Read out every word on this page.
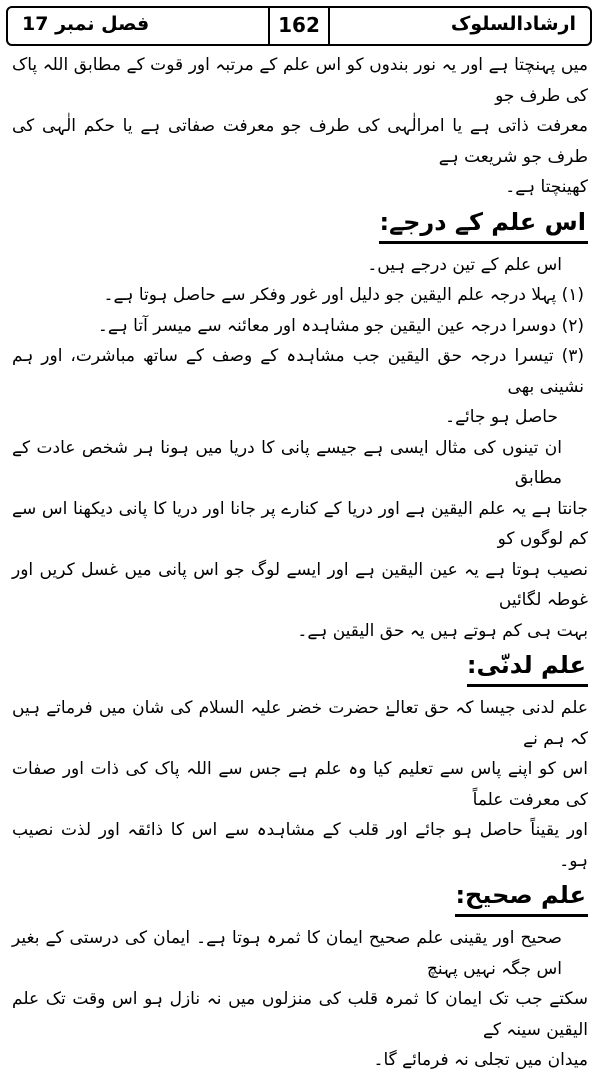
فصل نمبر 17	162	ارشادالسلوک

میں پہنچتا ہے اور یہ نور بندوں کو اس علم کے مرتبہ اور قوت کے مطابق اللہ پاک کی طرف جو

معرفت ذاتی ہے یا امرالٰہی کی طرف جو معرفت صفاتی ہے یا حکم الٰہی کی طرف جو شریعت ہے

کھینچتا ہے۔

اس علم کے درجے:

اس علم کے تین درجے ہیں۔

(۱) پہلا درجہ علم الیقین جو دلیل اور غور وفکر سے حاصل ہوتا ہے۔

(۲) دوسرا درجہ عین الیقین جو مشاہدہ اور معائنہ سے میسر آتا ہے۔

(۳) تیسرا درجہ حق الیقین جب مشاہدہ کے وصف کے ساتھ مباشرت، اور ہم نشینی بھی

حاصل ہو جائے۔

ان تینوں کی مثال ایسی ہے جیسے پانی کا دریا میں ہونا ہر شخص عادت کے مطابق

جانتا ہے یہ علم الیقین ہے اور دریا کے کنارے پر جانا اور دریا کا پانی دیکھنا اس سے کم لوگوں کو

نصیب ہوتا ہے یہ عین الیقین ہے اور ایسے لوگ جو اس پانی میں غسل کریں اور غوطہ لگائیں

بہت ہی کم ہوتے ہیں یہ حق الیقین ہے۔

علم لدنّی:

علم لدنی جیسا کہ حق تعالےٰ حضرت خضر علیہ السلام کی شان میں فرماتے ہیں کہ ہم نے

اس کو اپنے پاس سے تعلیم کیا وہ علم ہے جس سے اللہ پاک کی ذات اور صفات کی معرفت علماً

اور یقیناً حاصل ہو جائے اور قلب کے مشاہدہ سے اس کا ذائقہ اور لذت نصیب ہو۔

علم صحیح:

صحیح اور یقینی علم صحیح ایمان کا ثمرہ ہوتا ہے۔ ایمان کی درستی کے بغیر اس جگہ نہیں پہنچ

سکتے جب تک ایمان کا ثمرہ قلب کی منزلوں میں نہ نازل ہو اس وقت تک علم الیقین سینہ کے

میدان میں تجلی نہ فرمائے گا۔
